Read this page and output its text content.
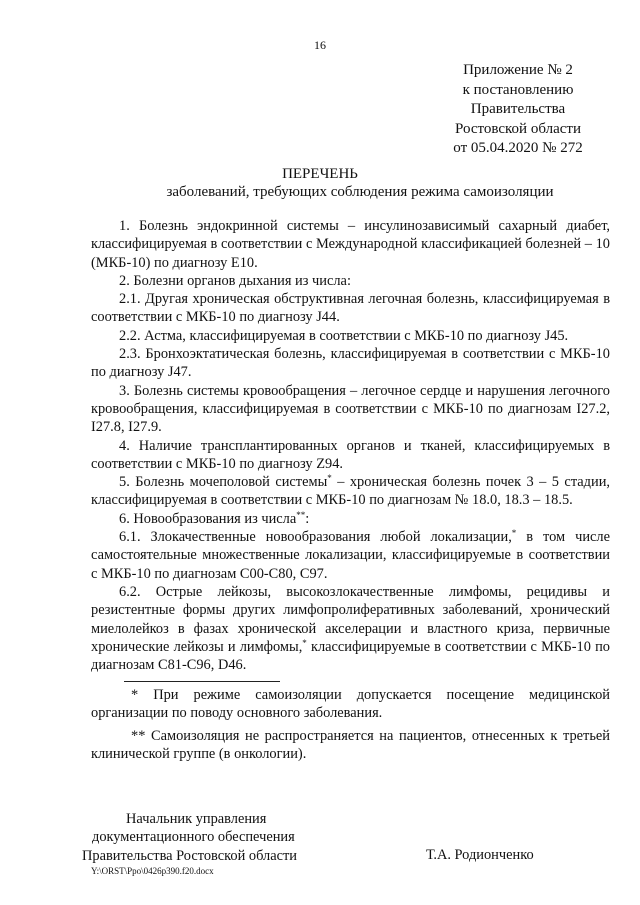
16
Приложение № 2
к постановлению
Правительства
Ростовской области
от 05.04.2020 № 272
ПЕРЕЧЕНЬ
заболеваний, требующих соблюдения режима самоизоляции

1. Болезнь эндокринной системы – инсулинозависимый сахарный диабет, классифицируемая в соответствии с Международной классификацией болезней – 10 (МКБ-10) по диагнозу E10.

2. Болезни органов дыхания из числа:

2.1. Другая хроническая обструктивная легочная болезнь, классифицируемая в соответствии с МКБ-10 по диагнозу J44.

2.2. Астма, классифицируемая в соответствии с МКБ-10 по диагнозу J45.

2.3. Бронхоэктатическая болезнь, классифицируемая в соответствии с МКБ-10 по диагнозу J47.

3. Болезнь системы кровообращения – легочное сердце и нарушения легочного кровообращения, классифицируемая в соответствии с МКБ-10 по диагнозам I27.2, I27.8, I27.9.

4. Наличие трансплантированных органов и тканей, классифицируемых в соответствии с МКБ-10 по диагнозу Z94.

5. Болезнь мочеполовой системы* – хроническая болезнь почек 3 – 5 стадии, классифицируемая в соответствии с МКБ-10 по диагнозам № 18.0, 18.3 – 18.5.

6. Новообразования из числа**:

6.1. Злокачественные новообразования любой локализации,* в том числе самостоятельные множественные локализации, классифицируемые в соответствии с МКБ-10 по диагнозам C00-C80, C97.

6.2. Острые лейкозы, высокозлокачественные лимфомы, рецидивы и резистентные формы других лимфопролиферативных заболеваний, хронический миелолейкоз в фазах хронической акселерации и властного криза, первичные хронические лейкозы и лимфомы,* классифицируемые в соответствии с МКБ-10 по диагнозам C81-C96, D46.

* При режиме самоизоляции допускается посещение медицинской организации по поводу основного заболевания.

** Самоизоляция не распространяется на пациентов, отнесенных к третьей клинической группе (в онкологии).

Начальник управления
документационного обеспечения
Правительства Ростовской области	Т.А. Родионченко
Y:\ORST\Ppo\0426p390.f20.docx
